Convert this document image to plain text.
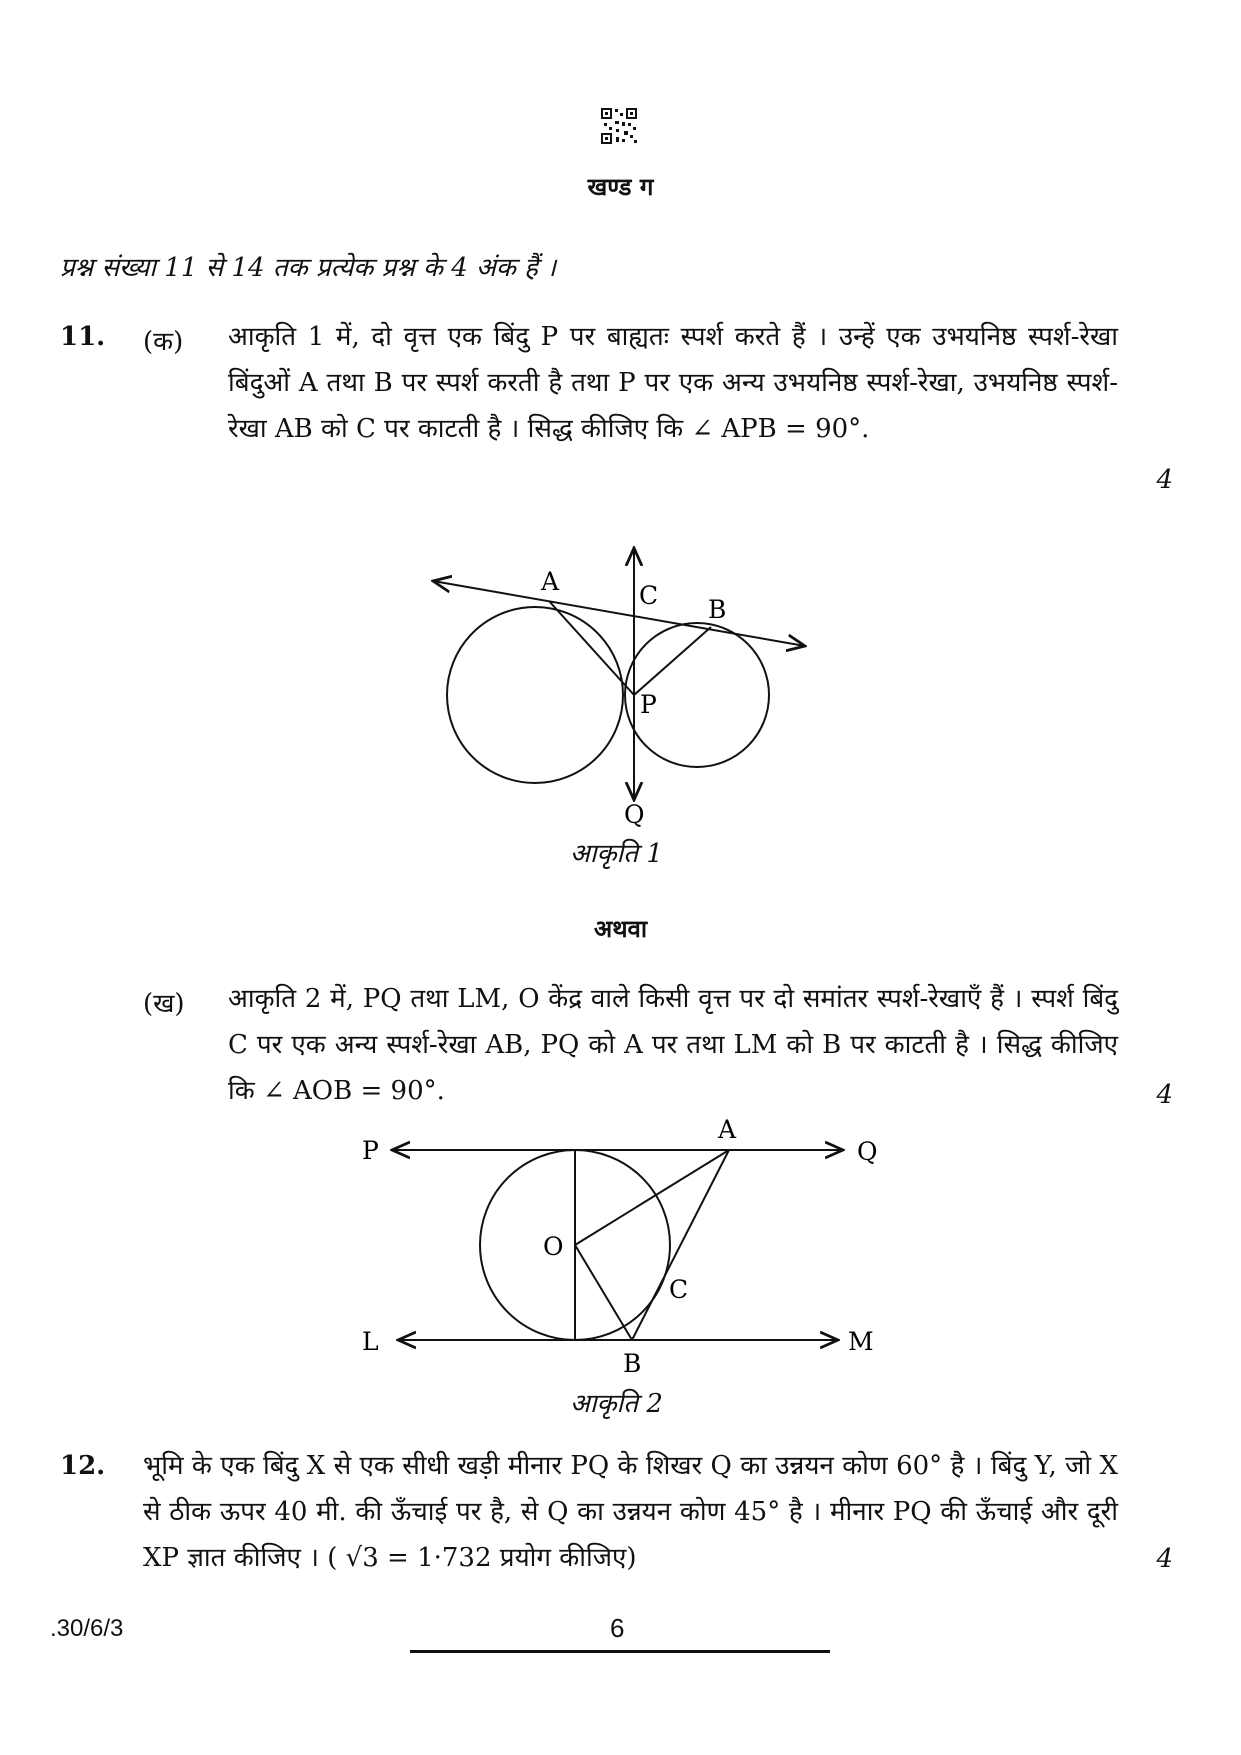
खण्ड ग
प्रश्न संख्या 11 से 14 तक प्रत्येक प्रश्न के 4 अंक हैं ।
11. (क) आकृति 1 में, दो वृत्त एक बिंदु P पर बाह्यतः स्पर्श करते हैं । उन्हें एक उभयनिष्ठ स्पर्श-रेखा बिंदुओं A तथा B पर स्पर्श करती है तथा P पर एक अन्य उभयनिष्ठ स्पर्श-रेखा, उभयनिष्ठ स्पर्श-रेखा AB को C पर काटती है । सिद्ध कीजिए कि ∠ APB = 90°.
4
A	C B
P
Q
आकृति 1
अथवा
(ख) आकृति 2 में, PQ तथा LM, O केंद्र वाले किसी वृत्त पर दो समांतर स्पर्श-रेखाएँ हैं । स्पर्श बिंदु C पर एक अन्य स्पर्श-रेखा AB, PQ को A पर तथा LM को B पर काटती है । सिद्ध कीजिए कि ∠ AOB = 90°.	4
P	Q
A
O
C
L	M
B
आकृति 2
12. भूमि के एक बिंदु X से एक सीधी खड़ी मीनार PQ के शिखर Q का उन्नयन कोण 60° है । बिंदु Y, जो X से ठीक ऊपर 40 मी. की ऊँचाई पर है, से Q का उन्नयन कोण 45° है । मीनार PQ की ऊँचाई और दूरी XP ज्ञात कीजिए । ( √3 = 1·732 प्रयोग कीजिए)	4
.30/6/3	6
